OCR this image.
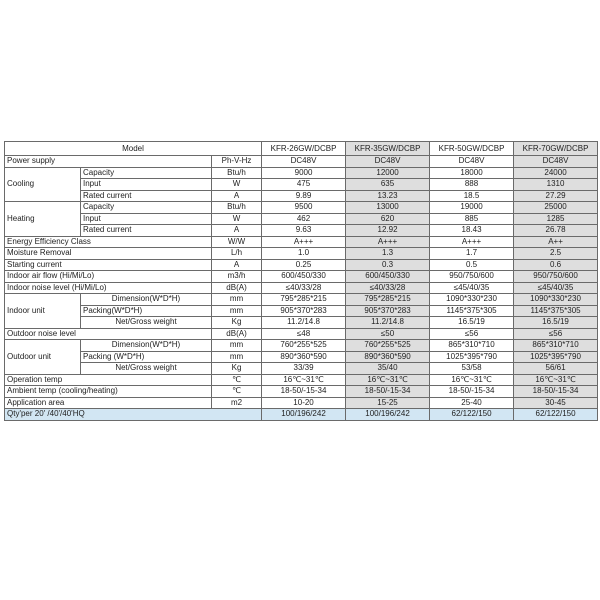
Model			KFR-26GW/DCBP	KFR-35GW/DCBP	KFR-50GW/DCBP	KFR-70GW/DCBP
Power supply		Ph-V-Hz	DC48V	DC48V	DC48V	DC48V
Cooling	Capacity	Btu/h	9000	12000	18000	24000
	Input	W	475	635	888	1310
	Rated current	A	9.89	13.23	18.5	27.29
Heating	Capacity	Btu/h	9500	13000	19000	25000
	Input	W	462	620	885	1285
	Rated current	A	9.63	12.92	18.43	26.78
Energy Efficiency Class		W/W	A+++	A+++	A+++	A++
Moisture Removal		L/h	1.0	1.3	1.7	2.5
Starting current		A	0.25	0.3	0.5	0.6
Indoor air flow (Hi/Mi/Lo)		m3/h	600/450/330	600/450/330	950/750/600	950/750/600
Indoor noise level (Hi/Mi/Lo)		dB(A)	≤40/33/28	≤40/33/28	≤45/40/35	≤45/40/35
Indoor unit	Dimension(W*D*H)	mm	795*285*215	795*285*215	1090*330*230	1090*330*230
	Packing(W*D*H)	mm	905*370*283	905*370*283	1145*375*305	1145*375*305
	Net/Gross weight	Kg	11.2/14.8	11.2/14.8	16.5/19	16.5/19
Outdoor noise level		dB(A)	≤48	≤50	≤56	≤56
Outdoor unit	Dimension(W*D*H)	mm	760*255*525	760*255*525	865*310*710	865*310*710
	Packing (W*D*H)	mm	890*360*590	890*360*590	1025*395*790	1025*395*790
	Net/Gross weight	Kg	33/39	35/40	53/58	56/61
Operation temp		℃	16℃~31℃	16℃~31℃	16℃~31℃	16℃~31℃
Ambient temp (cooling/heating)		℃	18-50/-15-34	18-50/-15-34	18-50/-15-34	18-50/-15-34
Application area		m2	10-20	15-25	25-40	30-45
Qty'per 20' /40'/40'HQ			100/196/242	100/196/242	62/122/150	62/122/150
